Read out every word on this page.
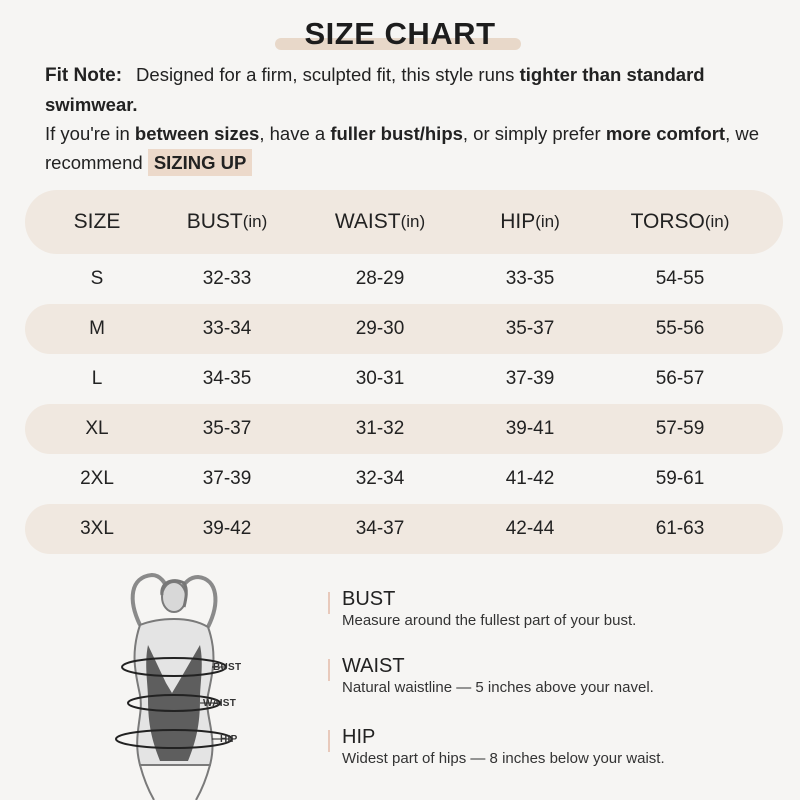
SIZE CHART
Fit Note: Designed for a firm, sculpted fit, this style runs tighter than standard swimwear.
If you're in between sizes, have a fuller bust/hips, or simply prefer more comfort, we recommend SIZING UP
SIZE	BUST (in)	WAIST (in)	HIP (in)	TORSO (in)
S	32-33	28-29	33-35	54-55
M	33-34	29-30	35-37	55-56
L	34-35	30-31	37-39	56-57
XL	35-37	31-32	39-41	57-59
2XL	37-39	32-34	41-42	59-61
3XL	39-42	34-37	42-44	61-63
BUST
WAIST
HIP
BUST
Measure around the fullest part of your bust.
WAIST
Natural waistline — 5 inches above your navel.
HIP
Widest part of hips — 8 inches below your waist.
